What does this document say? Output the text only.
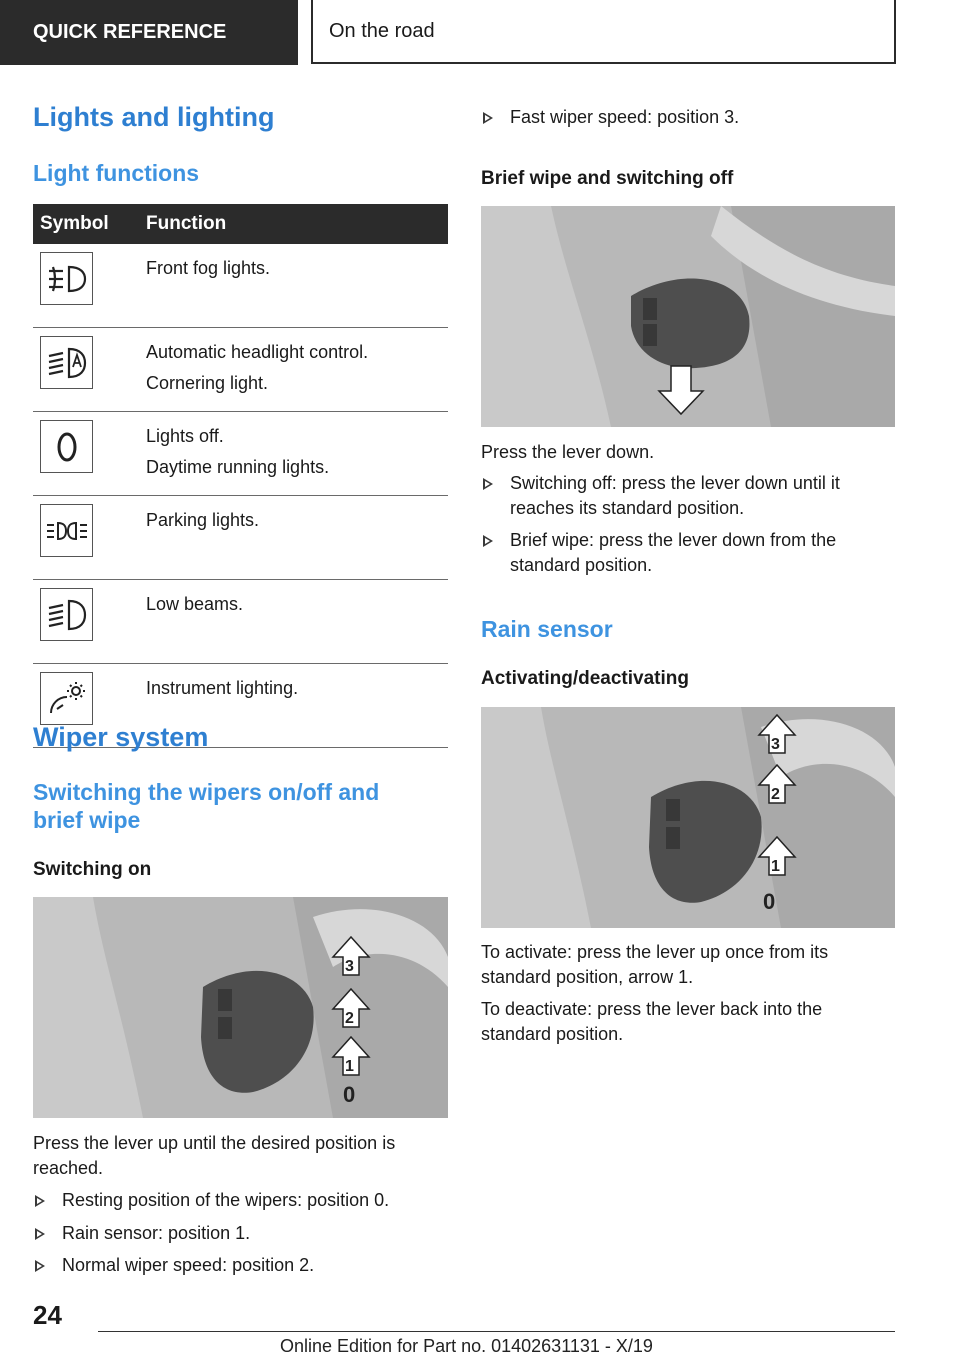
QUICK REFERENCE	On the road
Lights and lighting
Light functions
Symbol	Function

Front fog lights.

Automatic headlight control.
Cornering light.

Lights off.
Daytime running lights.

Parking lights.

Low beams.

Instrument lighting.
Wiper system
Switching the wipers on/off and
brief wipe
Switching on
3
2
1
0

Press the lever up until the desired position is
reached.

Resting position of the wipers: position 0.
Rain sensor: position 1.
Normal wiper speed: position 2.
Fast wiper speed: position 3.
Brief wipe and switching off

Press the lever down.

Switching off: press the lever down until it
reaches its standard position.
Brief wipe: press the lever down from the
standard position.
Rain sensor
Activating/deactivating
3
2
1
0

To activate: press the lever up once from its
standard position, arrow 1.

To deactivate: press the lever back into the
standard position.

24
Online Edition for Part no. 01402631131 - X/19
